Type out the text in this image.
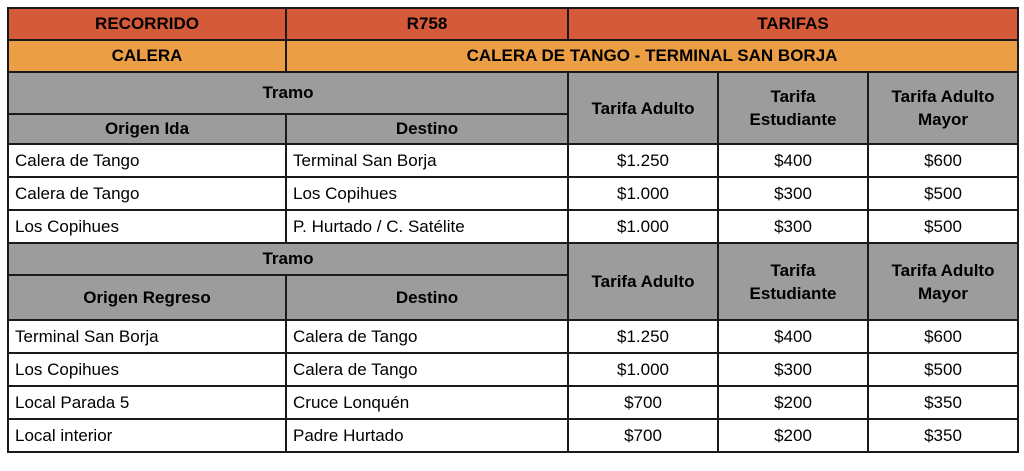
RECORRIDO	R758	TARIFAS		
CALERA	CALERA DE TANGO - TERMINAL SAN BORJA			
Tramo		Tarifa Adulto	Tarifa Estudiante	Tarifa Adulto Mayor
Origen Ida	Destino			
Calera de Tango	Terminal San Borja	$1.250	$400	$600
Calera de Tango	Los Copihues	$1.000	$300	$500
Los Copihues	P. Hurtado / C. Satélite	$1.000	$300	$500
Tramo		Tarifa Adulto	Tarifa Estudiante	Tarifa Adulto Mayor
Origen Regreso	Destino			
Terminal San Borja	Calera de Tango	$1.250	$400	$600
Los Copihues	Calera de Tango	$1.000	$300	$500
Local Parada 5	Cruce Lonquén	$700	$200	$350
Local interior	Padre Hurtado	$700	$200	$350
